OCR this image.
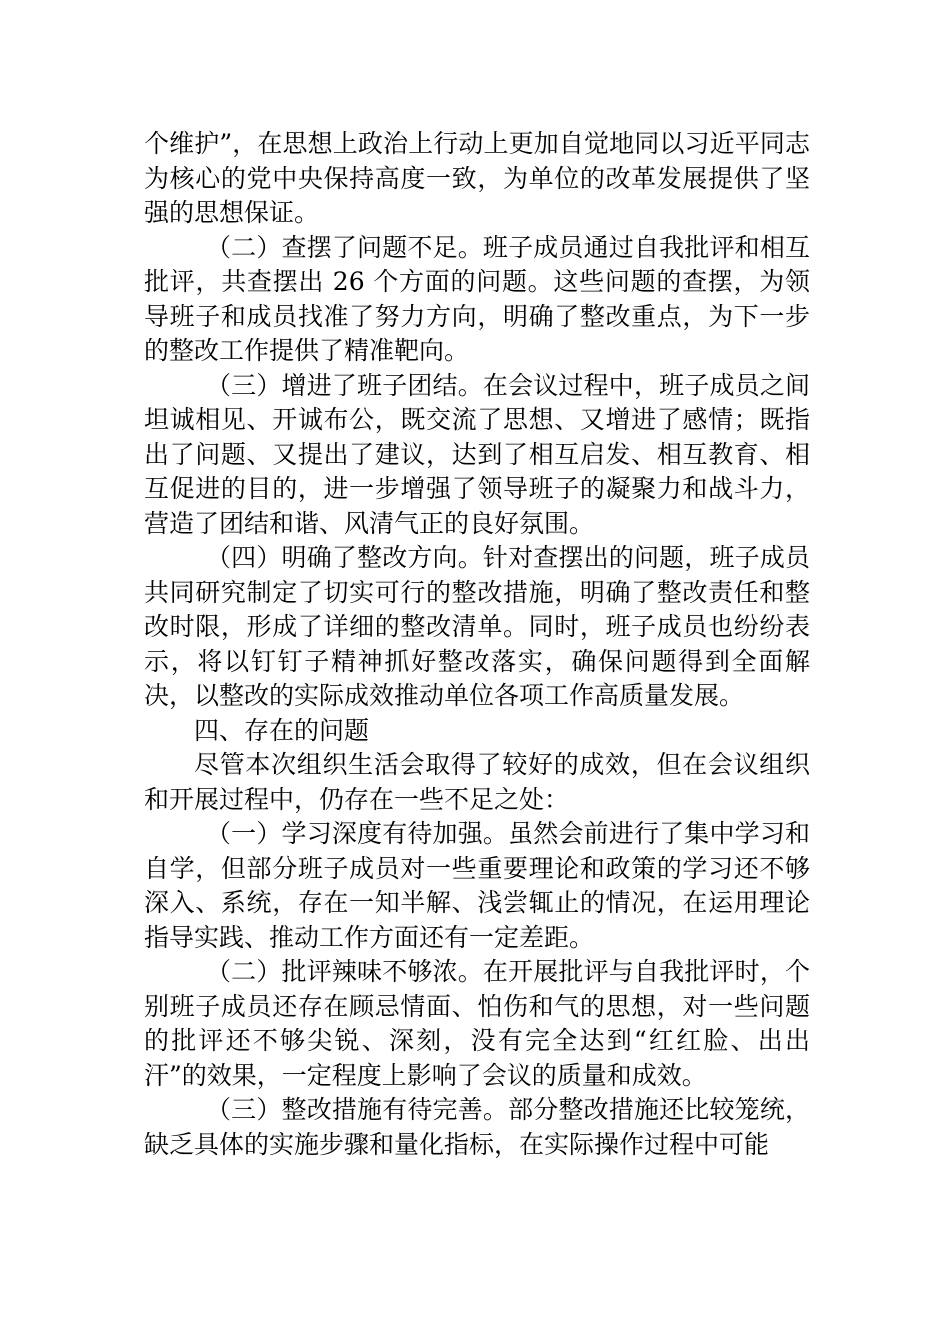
个维护”，在思想上政治上行动上更加自觉地同以习近平同志为核心的党中央保持高度一致，为单位的改革发展提供了坚强的思想保证。

（二）查摆了问题不足。班子成员通过自我批评和相互批评，共查摆出 26 个方面的问题。这些问题的查摆，为领导班子和成员找准了努力方向，明确了整改重点，为下一步的整改工作提供了精准靶向。

（三）增进了班子团结。在会议过程中，班子成员之间坦诚相见、开诚布公，既交流了思想、又增进了感情；既指出了问题、又提出了建议，达到了相互启发、相互教育、相互促进的目的，进一步增强了领导班子的凝聚力和战斗力，营造了团结和谐、风清气正的良好氛围。

（四）明确了整改方向。针对查摆出的问题，班子成员共同研究制定了切实可行的整改措施，明确了整改责任和整改时限，形成了详细的整改清单。同时，班子成员也纷纷表示，将以钉钉子精神抓好整改落实，确保问题得到全面解决，以整改的实际成效推动单位各项工作高质量发展。

四、存在的问题

尽管本次组织生活会取得了较好的成效，但在会议组织和开展过程中，仍存在一些不足之处：

（一）学习深度有待加强。虽然会前进行了集中学习和自学，但部分班子成员对一些重要理论和政策的学习还不够深入、系统，存在一知半解、浅尝辄止的情况，在运用理论指导实践、推动工作方面还有一定差距。

（二）批评辣味不够浓。在开展批评与自我批评时，个别班子成员还存在顾忌情面、怕伤和气的思想，对一些问题的批评还不够尖锐、深刻，没有完全达到“红红脸、出出汗”的效果，一定程度上影响了会议的质量和成效。

（三）整改措施有待完善。部分整改措施还比较笼统，缺乏具体的实施步骤和量化指标，在实际操作过程中可能
